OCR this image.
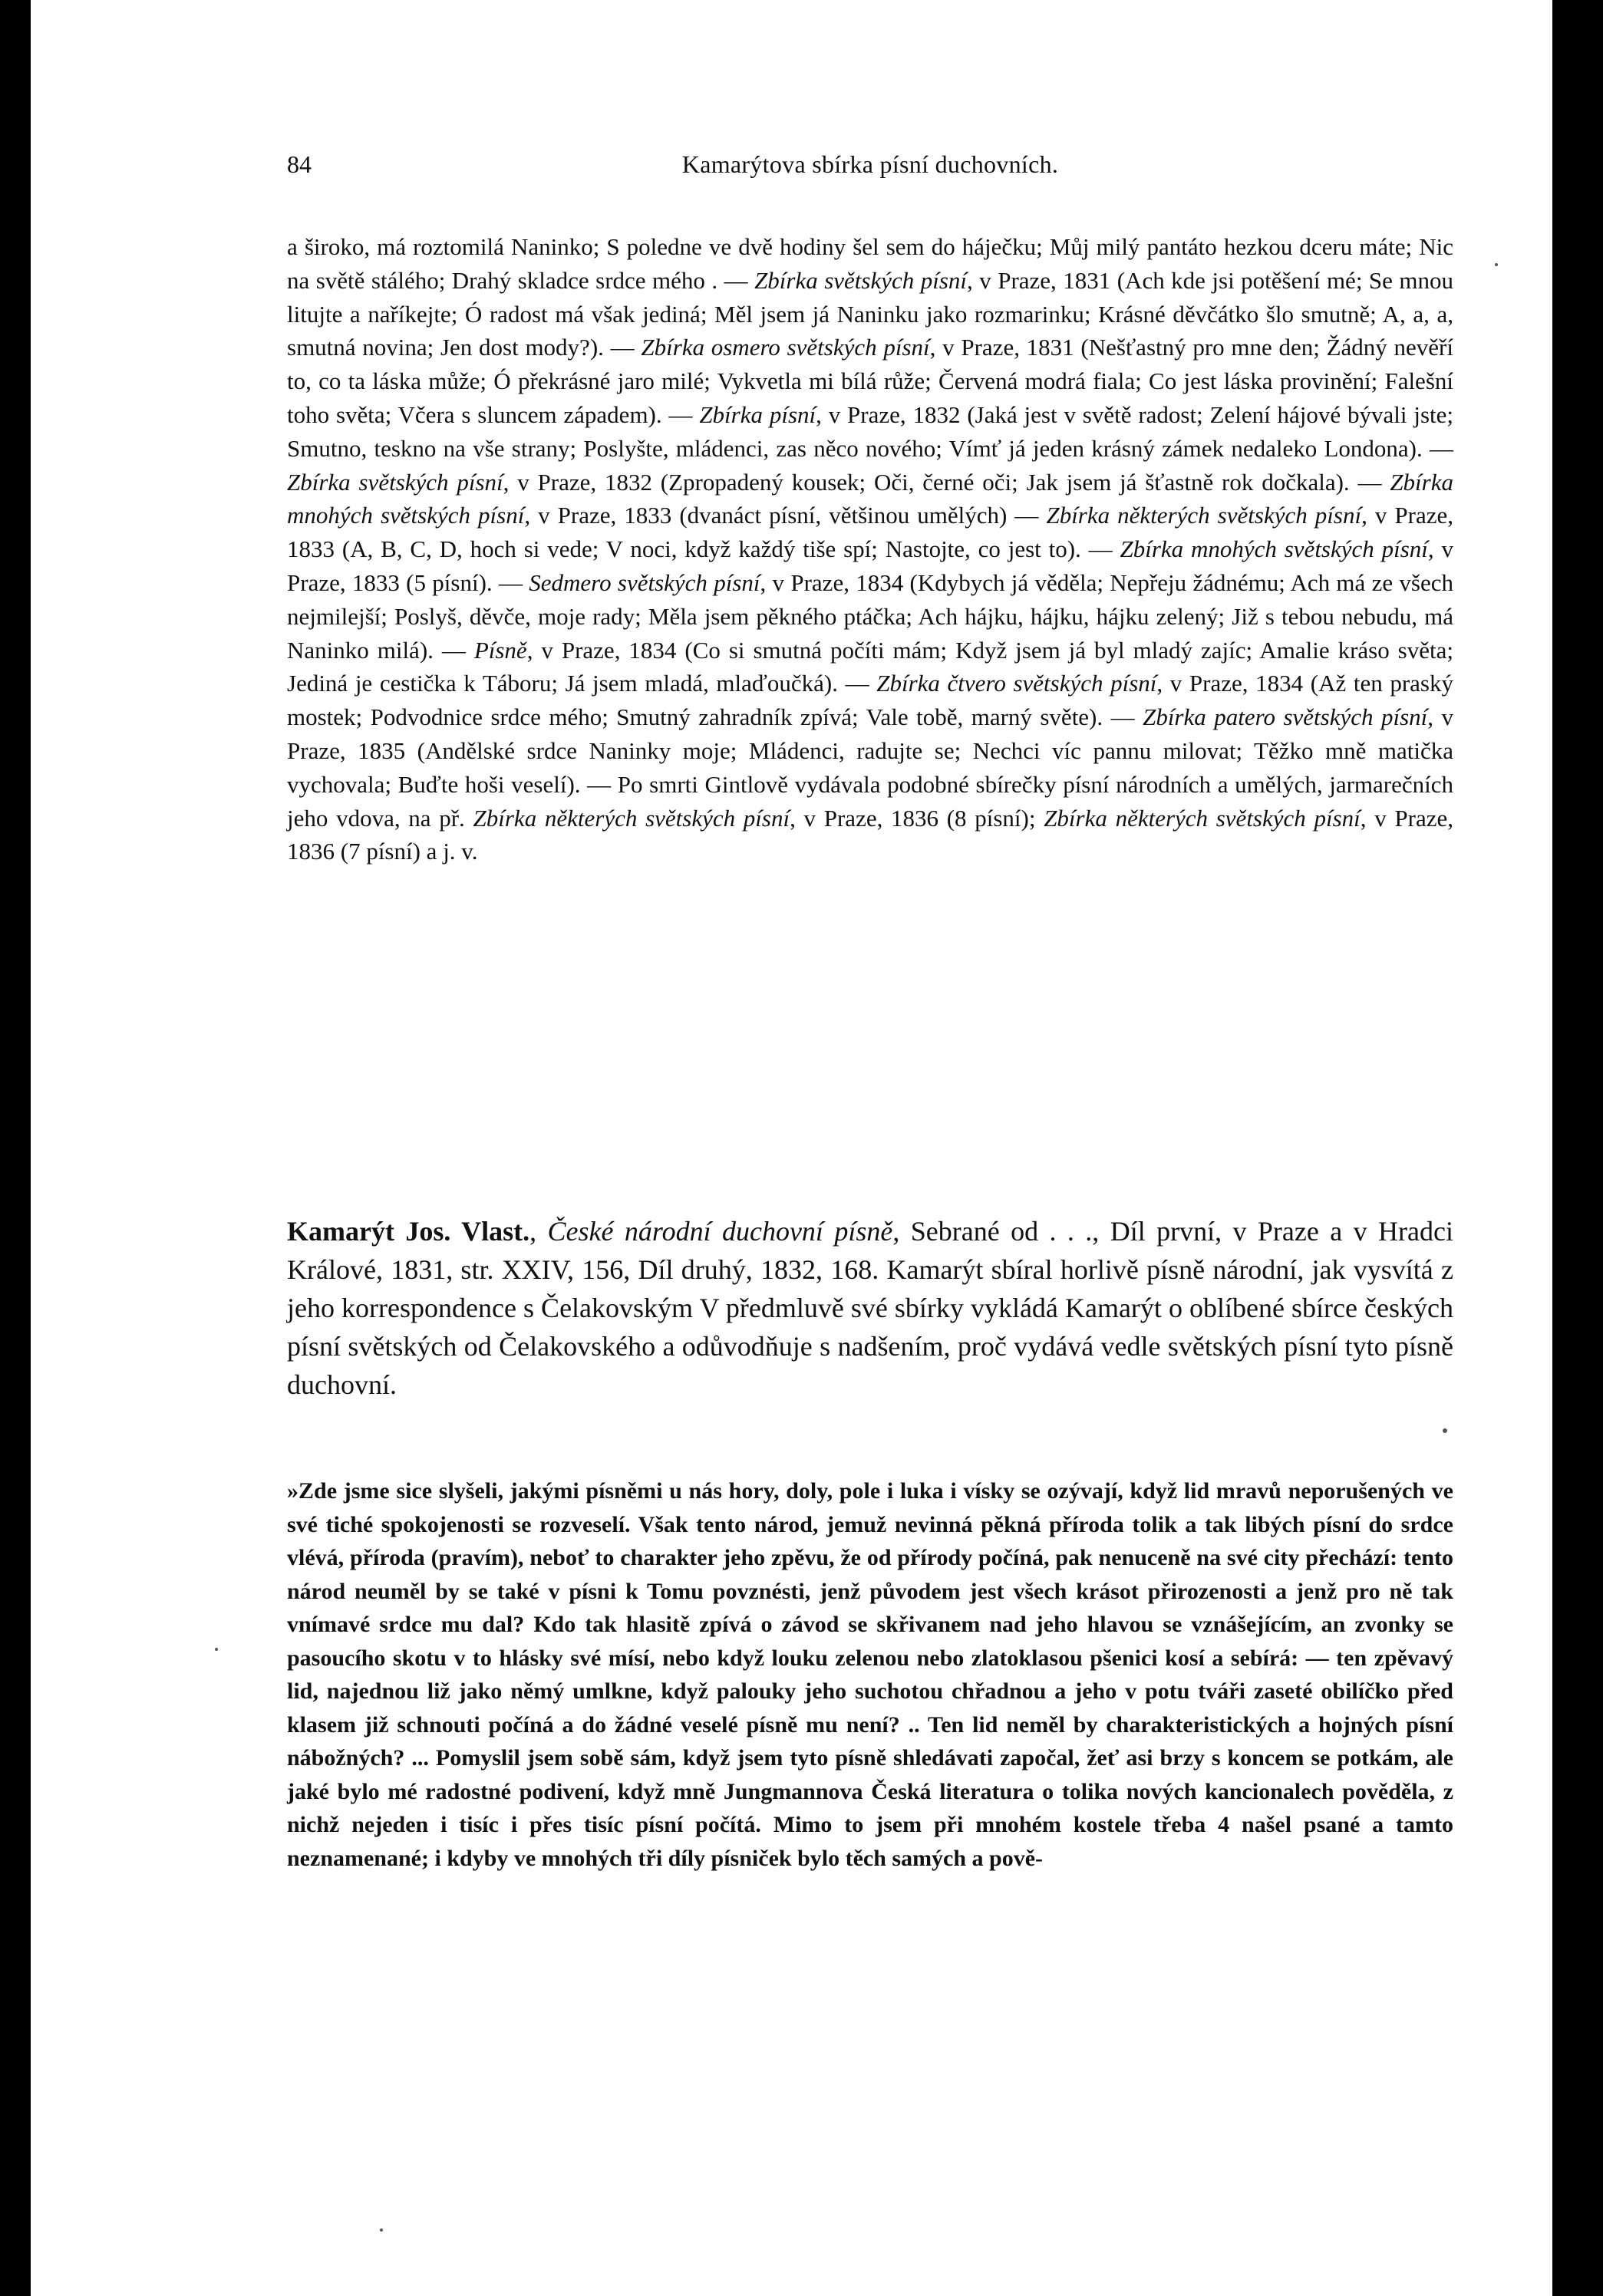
84	Kamarýtova sbírka písní duchovních.
a široko, má roztomilá Naninko; S poledne ve dvě hodiny šel sem do háječku; Můj milý pantáto hezkou dceru máte; Nic na světě stálého; Drahý skladce srdce mého . — Zbírka světských písní, v Praze, 1831 (Ach kde jsi potěšení mé; Se mnou litujte a naříkejte; Ó radost má však jediná; Měl jsem já Naninku jako rozmarinku; Krásné děvčátko šlo smutně; A, a, a, smutná novina; Jen dost mody?). — Zbírka osmero světských písní, v Praze, 1831 (Nešťastný pro mne den; Žádný nevěří to, co ta láska může; Ó překrásné jaro milé; Vykvetla mi bílá růže; Červená modrá fiala; Co jest láska provinění; Falešní toho světa; Včera s sluncem západem). — Zbírka písní, v Praze, 1832 (Jaká jest v světě radost; Zelení hájové bývali jste; Smutno, teskno na vše strany; Poslyšte, mládenci, zas něco nového; Vímť já jeden krásný zámek nedaleko Londona). — Zbírka světských písní, v Praze, 1832 (Zpropadený kousek; Oči, černé oči; Jak jsem já šťastně rok dočkala). — Zbírka mnohých světských písní, v Praze, 1833 (dvanáct písní, většinou umělých) — Zbírka některých světských písní, v Praze, 1833 (A, B, C, D, hoch si vede; V noci, když každý tiše spí; Nastojte, co jest to). — Zbírka mnohých světských písní, v Praze, 1833 (5 písní). — Sedmero světských písní, v Praze, 1834 (Kdybych já věděla; Nepřeju žádnému; Ach má ze všech nejmilejší; Poslyš, děvče, moje rady; Měla jsem pěkného ptáčka; Ach hájku, hájku, hájku zelený; Již s tebou nebudu, má Naninko milá). — Písně, v Praze, 1834 (Co si smutná počíti mám; Když jsem já byl mladý zajíc; Amalie kráso světa; Jediná je cestička k Táboru; Já jsem mladá, mlaďoučká). — Zbírka čtvero světských písní, v Praze, 1834 (Až ten praský mostek; Podvodnice srdce mého; Smutný zahradník zpívá; Vale tobě, marný světe). — Zbírka patero světských písní, v Praze, 1835 (Andělské srdce Naninky moje; Mládenci, radujte se; Nechci víc pannu milovat; Těžko mně matička vychovala; Buďte hoši veselí). — Po smrti Gintlově vydávala podobné sbírečky písní národních a umělých, jarmarečních jeho vdova, na př. Zbírka některých světských písní, v Praze, 1836 (8 písní); Zbírka některých světských písní, v Praze, 1836 (7 písní) a j. v.
Kamarýt Jos. Vlast., České národní duchovní písně, Sebrané od . . ., Díl první, v Praze a v Hradci Králové, 1831, str. XXIV, 156, Díl druhý, 1832, 168. Kamarýt sbíral horlivě písně národní, jak vysvítá z jeho korrespondence s Čelakovským V předmluvě své sbírky vykládá Kamarýt o oblíbené sbírce českých písní světských od Čelakovského a odůvodňuje s nadšením, proč vydává vedle světských písní tyto písně duchovní.
»Zde jsme sice slyšeli, jakými písněmi u nás hory, doly, pole i luka i vísky se ozývají, když lid mravů neporušených ve své tiché spokojenosti se rozveselí. Však tento národ, jemuž nevinná pěkná příroda tolik a tak libých písní do srdce vlévá, příroda (pravím), neboť to charakter jeho zpěvu, že od přírody počíná, pak nenuceně na své city přechází: tento národ neuměl by se také v písni k Tomu povznésti, jenž původem jest všech krásot přirozenosti a jenž pro ně tak vnímavé srdce mu dal? Kdo tak hlasitě zpívá o závod se skřivanem nad jeho hlavou se vznášejícím, an zvonky se pasoucího skotu v to hlásky své mísí, nebo když louku zelenou nebo zlatoklasou pšenici kosí a sebírá: — ten zpěvavý lid, najednou liž jako němý umlkne, když palouky jeho suchotou chřadnou a jeho v potu tváři zaseté obilíčko před klasem již schnouti počíná a do žádné veselé písně mu není? .. Ten lid neměl by charakteristických a hojných písní nábožných? ... Pomyslil jsem sobě sám, když jsem tyto písně shledávati započal, žeť asi brzy s koncem se potkám, ale jaké bylo mé radostné podivení, když mně Jungmannova Česká literatura o tolika nových kancionalech pověděla, z nichž nejeden i tisíc i přes tisíc písní počítá. Mimo to jsem při mnohém kostele třeba 4 našel psané a tamto neznamenané; i kdyby ve mnohých tři díly písniček bylo těch samých a pově-
